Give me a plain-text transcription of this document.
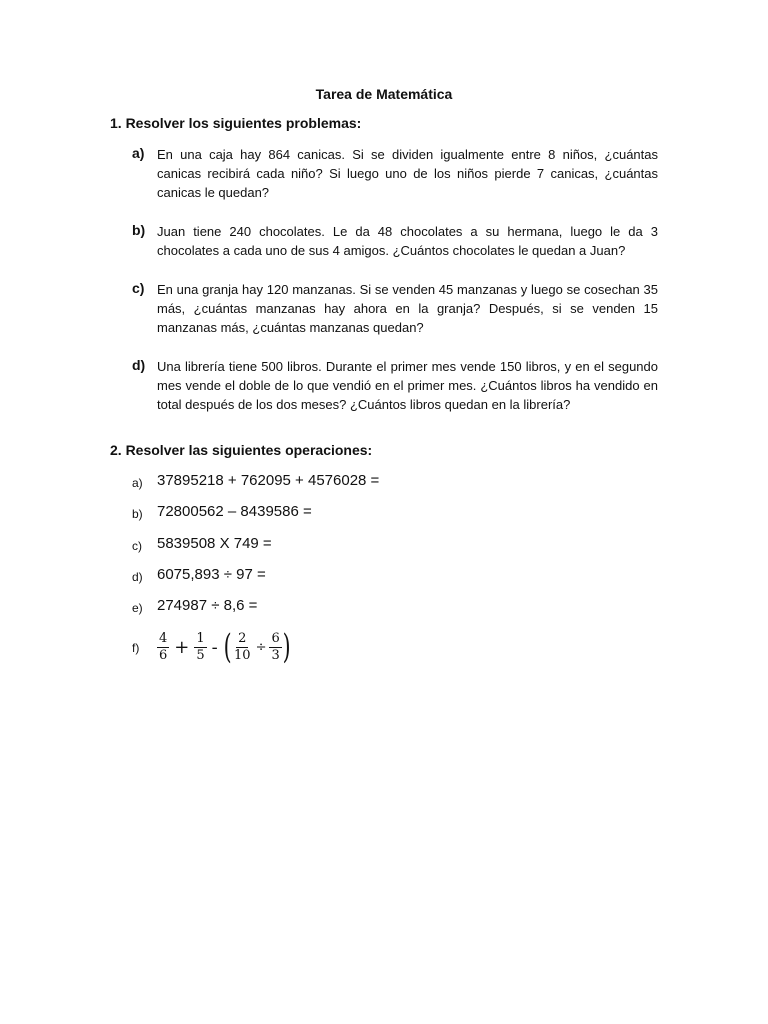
Tarea de Matemática
1. Resolver los siguientes problemas:
a) En una caja hay 864 canicas. Si se dividen igualmente entre 8 niños, ¿cuántas canicas recibirá cada niño? Si luego uno de los niños pierde 7 canicas, ¿cuántas canicas le quedan?
b) Juan tiene 240 chocolates. Le da 48 chocolates a su hermana, luego le da 3 chocolates a cada uno de sus 4 amigos. ¿Cuántos chocolates le quedan a Juan?
c) En una granja hay 120 manzanas. Si se venden 45 manzanas y luego se cosechan 35 más, ¿cuántas manzanas hay ahora en la granja? Después, si se venden 15 manzanas más, ¿cuántas manzanas quedan?
d) Una librería tiene 500 libros. Durante el primer mes vende 150 libros, y en el segundo mes vende el doble de lo que vendió en el primer mes. ¿Cuántos libros ha vendido en total después de los dos meses? ¿Cuántos libros quedan en la librería?
2. Resolver las siguientes operaciones:
a) 37895218 + 762095 + 4576028 =
b) 72800562 – 8439586 =
c) 5839508 X 749 =
d) 6075,893 ÷ 97 =
e) 274987 ÷ 8,6 =
$f) \frac{4}{6} + \frac{1}{5}$ - ( $\frac{2}{10} \div \frac{6}{3}$ )
